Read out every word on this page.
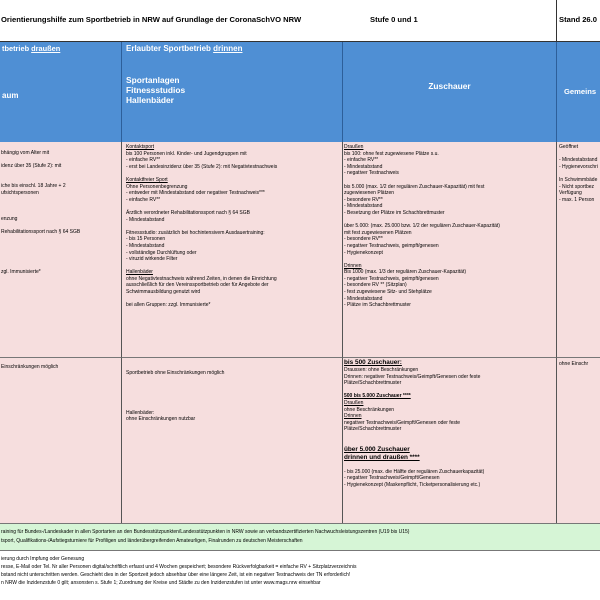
Orientierungshilfe zum Sportbetrieb in NRW auf Grundlage der CoronaSchVO NRW	Stufe 0 und 1	Stand 26.0
tbetrieb draußen
aum
Erlaubter Sportbetrieb drinnen
Sportanlagen
Fitnessstudios
Hallenbäder
Zuschauer
Gemeins
bhängig vom Alter mit
idenz über 35 (Stufe 2): mit
iche bis einschl. 18 Jahre + 2
ufsichtspersonen
enzung
Rehabilitationssport nach § 64 SGB
zgl. Immunisierte*
Kontaktsport
bis 100 Personen inkl. Kinder- und Jugendgruppen mit
- einfache RV**
- erst bei Landesinzidenz über 35 (Stufe 2): mit Negativtestnachweis
Kontaktfreier Sport
Ohne Personenbegrenzung
- entweder mit Mindestabstand oder negativer Testnachweis***
- einfache RV**
Ärztlich verordneter Rehabilitationssport nach § 64 SGB
- Mindestabstand
Fitnessstudio: zusätzlich bei hochintensivem Ausdauertraining:
- bis 15 Personen
- Mindestabstand
- vollständige Durchlüftung oder
- viruzid wirkende Filter
Hallenbäder
ohne Negativtestnachweis während Zeiten, in denen die Einrichtung
ausschließlich für den Vereinssportbetrieb oder für Angebote der
Schwimmausbildung genutzt wird
bei allen Gruppen: zzgl. Immunisierte*
Draußen
bis 100: ohne fest zugewiesene Plätze s.u.
- einfache RV**
- Mindestabstand
- negativer Testnachweis
bis 5.000 (max. 1/2 der regulären Zuschauer-Kapazität) mit fest
zugewiesenen Plätzen
- besondere RV**
- Mindestabstand
- Besetzung der Plätze im Schachbrettmuster
über 5.000: (max. 25.000 bzw. 1/2 der regulären Zuschauer-Kapazität)
mit fest zugewiesenen Plätzen
- besondere RV**
- negativer Testnachweis, geimpft/genesen
- Hygienekonzept
Drinnen
Bis 1000 (max. 1/3 der regulären Zuschauer-Kapazität)
- negativer Testnachweis, geimpft/genesen
- besondere RV ** (Sitzplan)
- fest zugewiesene Sitz- und Stehplätze
- Mindestabstand
- Plätze im Schachbrettmuster
Geöffnet
- Mindestabstand
- Hygienevorschri
In Schwimmbäde
- Nicht sportbez
Verfügung
- max. 1 Person
Einschränkungen möglich
Sportbetrieb ohne Einschränkungen möglich
Hallenbäder:
ohne Einschränkungen nutzbar
bis 500 Zuschauer:
Draussen: ohne Beschränkungen
Drinnen: negativer Testnachweis/Geimpft/Genesen oder feste
Plätze/Schachbrettmuster
500 bis 5.000 Zuschauer ****
Draußen
ohne Beschränkungen
Drinnen
negativer Testnachweis/Geimpft/Genesen oder feste
Plätze/Schachbrettmuster
über 5.000 Zuschauer
drinnen und draußen ****
- bis 25.000 (max. die Hälfte der regulären Zuschauerkapazität)
- negativer Testnachweis/Geimpft/Genesen
- Hygienekonzept (Maskenpflicht, Ticketpersonalisierung etc.)
ohne Einschr
raining für Bundes-/Landeskader in allen Sportarten an den Bundesstützpunkten/Landesstützpunkten in NRW sowie an verbandszertifizierten Nachwuchsleistungszentren (U19 bis U15)
tsport, Qualifikations-/Aufstiegsturniere für Profiligen und länderübergreifenden Amateurligen, Finalrunden zu deutschen Meisterschaften
ierung durch Impfung oder Genesung
resse, E-Mail oder Tel. Nr aller Personen digital/schriftlich erfasst und 4 Wochen gespeichert; besondere Rückverfolgbarkeit = einfache RV + Sitzplatzverzeichnis
bstand nicht unterschritten werden. Geschieht dies in der Sportzeit jedoch absehbar über eine längere Zeit, ist ein negativer Testnachweis der TN erforderlich!
n NRW die Inzidenzstufe 0 gilt; ansonsten s. Stufe 1; Zuordnung der Kreise und Städte zu den Inzidenzstufen ist unter www.mags.nrw einsehbar
